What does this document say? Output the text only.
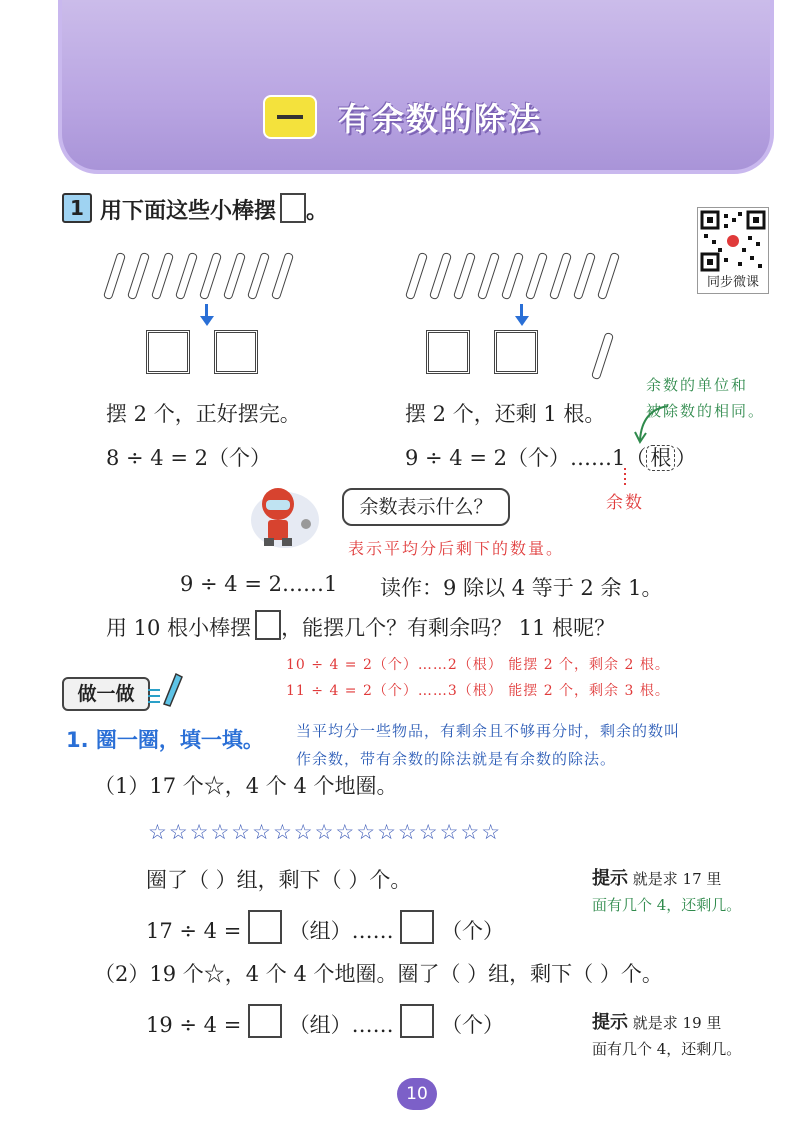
有余数的除法
1 用下面这些小棒摆 。
同步微课
摆 2 个，正好摆完。
8 ÷ 4 = 2（个）
摆 2 个，还剩 1 根。
9 ÷ 4 = 2（个）……1（ 根 ）
余数的单位和
被除数的相同。
余数
余数表示什么？
表示平均分后剩下的数量。
9 ÷ 4 = 2……1 读作：9 除以 4 等于 2 余 1。
用 10 根小棒摆 ，能摆几个？有剩余吗？ 11 根呢？
10 ÷ 4 = 2（个）……2（根） 能摆 2 个，剩余 2 根。
11 ÷ 4 = 2（个）……3（根） 能摆 2 个，剩余 3 根。
做一做
1. 圈一圈，填一填。 当平均分一些物品，有剩余且不够再分时，剩余的数叫
作余数，带有余数的除法就是有余数的除法。
（1）17 个☆，4 个 4 个地圈。
☆☆☆☆☆☆☆☆☆☆☆☆☆☆☆☆☆
圈了（ ）组，剩下（ ）个。
17 ÷ 4 = （组）…… （个）
提示 就是求 17 里
面有几个 4，还剩几。
（2）19 个☆，4 个 4 个地圈。圈了（ ）组，剩下（ ）个。
19 ÷ 4 = （组）…… （个）	提示 就是求 19 里
面有几个 4，还剩几。
10
